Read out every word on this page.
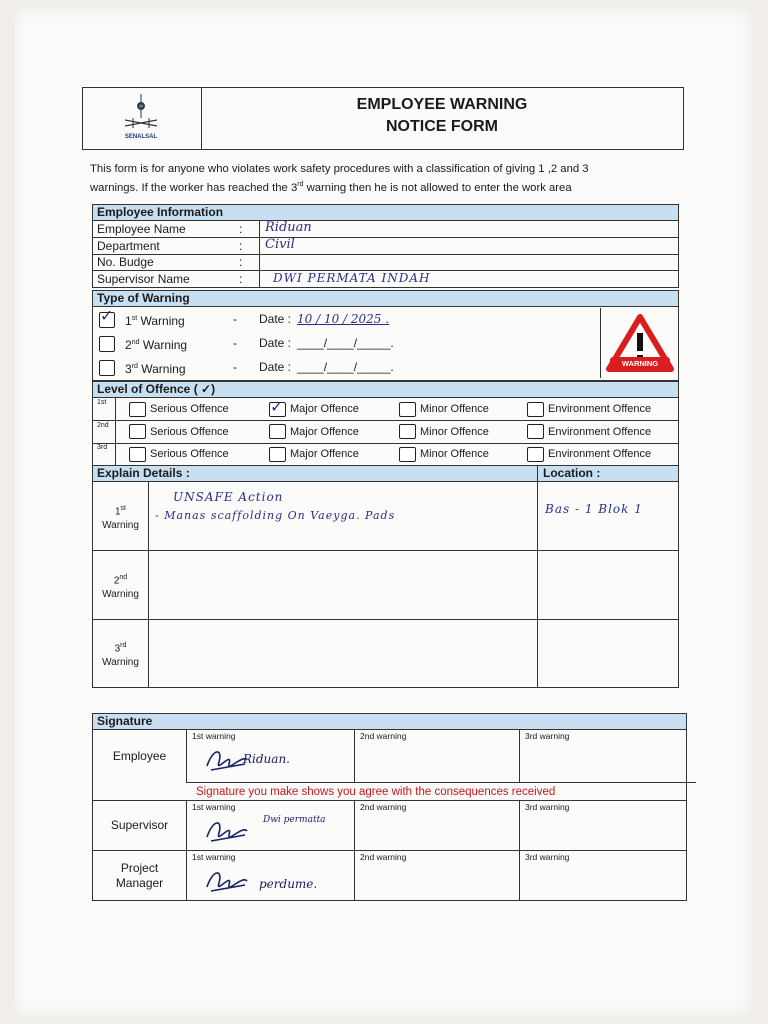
SENALSAL
EMPLOYEE WARNING
NOTICE FORM
This form is for anyone who violates work safety procedures with a classification of giving 1 ,2 and 3
warnings. If the worker has reached the 3rd warning then he is not allowed to enter the work area
Employee Information
Employee Name	: Riduan
Department	: Civil
No. Budge	:
Supervisor Name	:	DWI PERMATA INDAH
Type of Warning
✓
1st Warning	- Date : 10 / 10 / 2025 .
2nd Warning	- Date : ____/____/_____.
3rd Warning	- Date : ____/____/_____.	WARNING
Level of Offence ( ✓)
1st
Serious Offence
✓	Major Offence	Minor Offence	Environment Offence
2nd
Serious Offence	Major Offence	Minor Offence	Environment Offence
3rd
Serious Offence	Major Offence	Minor Offence	Environment Offence
Explain Details :	Location :
1st
Warning
UNSAFE Action
- Manas scaffolding On Vaeyga. Pads	Bas - 1 Blok 1
2nd
Warning
3rd
Warning
Signature
Employee
1st warning	2nd warning	3rd warning
Riduan.
Supervisor
1st warning	2nd warning	3rd warning
Dwi permatta
Project
Manager
1st warning	2nd warning	3rd warning
perdume.
Signature you make shows you agree with the consequences received
